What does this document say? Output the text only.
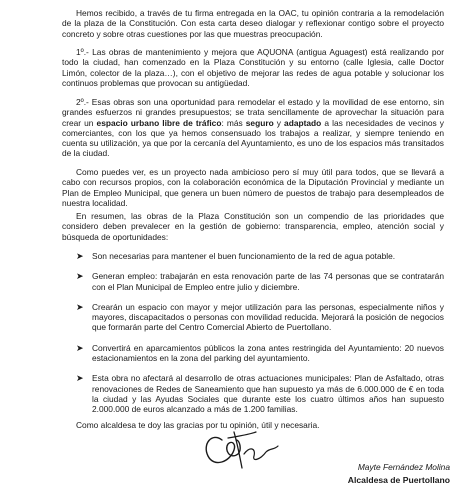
Hemos recibido, a través de tu firma entregada en la OAC, tu opinión contraria a la remodelación de la plaza de la Constitución. Con esta carta deseo dialogar y reflexionar contigo sobre el proyecto concreto y sobre otras cuestiones por las que muestras preocupación.

1º.- Las obras de mantenimiento y mejora que AQUONA (antigua Aguagest) está realizando por todo la ciudad, han comenzado en la Plaza Constitución y su entorno (calle Iglesia, calle Doctor Limón, colector de la plaza…), con el objetivo de mejorar las redes de agua potable y solucionar los continuos problemas que provocan su antigüedad.

2º.- Esas obras son una oportunidad para remodelar el estado y la movilidad de ese entorno, sin grandes esfuerzos ni grandes presupuestos; se trata sencillamente de aprovechar la situación para crear un espacio urbano libre de tráfico: más seguro y adaptado a las necesidades de vecinos y comerciantes, con los que ya hemos consensuado los trabajos a realizar, y siempre teniendo en cuenta su utilización, ya que por la cercanía del Ayuntamiento, es uno de los espacios más transitados de la ciudad.

Como puedes ver, es un proyecto nada ambicioso pero sí muy útil para todos, que se llevará a cabo con recursos propios, con la colaboración económica de la Diputación Provincial y mediante un Plan de Empleo Municipal, que genera un buen número de puestos de trabajo para desempleados de nuestra localidad.

En resumen, las obras de la Plaza Constitución son un compendio de las prioridades que considero deben prevalecer en la gestión de gobierno: transparencia, empleo, atención social y búsqueda de oportunidades:

➤ Son necesarias para mantener el buen funcionamiento de la red de agua potable.
➤ Generan empleo: trabajarán en esta renovación parte de las 74 personas que se contratarán con el Plan Municipal de Empleo entre julio y diciembre.
➤ Crearán un espacio con mayor y mejor utilización para las personas, especialmente niños y mayores, discapacitados o personas con movilidad reducida. Mejorará la posición de negocios que formarán parte del Centro Comercial Abierto de Puertollano.
➤ Convertirá en aparcamientos públicos la zona antes restringida del Ayuntamiento: 20 nuevos estacionamientos en la zona del parking del ayuntamiento.
➤ Esta obra no afectará al desarrollo de otras actuaciones municipales: Plan de Asfaltado, otras renovaciones de Redes de Saneamiento que han supuesto ya más de 6.000.000 de € en toda la ciudad y las Ayudas Sociales que durante este los cuatro últimos años han supuesto 2.000.000 de euros alcanzado a más de 1.200 familias.

Como alcaldesa te doy las gracias por tu opinión, útil y necesaria.

Mayte Fernández Molina
Alcaldesa de Puertollano
